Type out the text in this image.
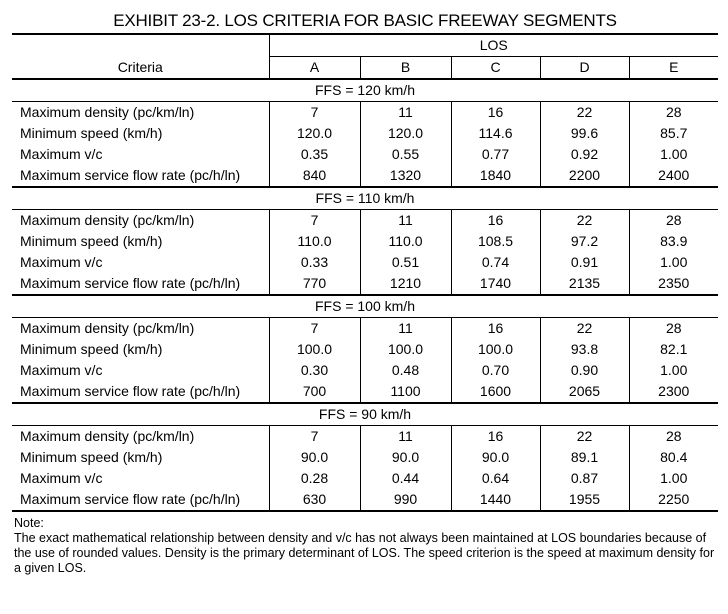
EXHIBIT 23-2. LOS CRITERIA FOR BASIC FREEWAY SEGMENTS
Criteria	LOS				
	A	B	C	D	E
FFS = 120 km/h					
Maximum density (pc/km/ln)	7	11	16	22	28
Minimum speed (km/h)	120.0	120.0	114.6	99.6	85.7
Maximum v/c	0.35	0.55	0.77	0.92	1.00
Maximum service flow rate (pc/h/ln)	840	1320	1840	2200	2400
FFS = 110 km/h					
Maximum density (pc/km/ln)	7	11	16	22	28
Minimum speed (km/h)	110.0	110.0	108.5	97.2	83.9
Maximum v/c	0.33	0.51	0.74	0.91	1.00
Maximum service flow rate (pc/h/ln)	770	1210	1740	2135	2350
FFS = 100 km/h					
Maximum density (pc/km/ln)	7	11	16	22	28
Minimum speed (km/h)	100.0	100.0	100.0	93.8	82.1
Maximum v/c	0.30	0.48	0.70	0.90	1.00
Maximum service flow rate (pc/h/ln)	700	1100	1600	2065	2300
FFS = 90 km/h					
Maximum density (pc/km/ln)	7	11	16	22	28
Minimum speed (km/h)	90.0	90.0	90.0	89.1	80.4
Maximum v/c	0.28	0.44	0.64	0.87	1.00
Maximum service flow rate (pc/h/ln)	630	990	1440	1955	2250
Note:
The exact mathematical relationship between density and v/c has not always been maintained at LOS boundaries because of the use of rounded values. Density is the primary determinant of LOS. The speed criterion is the speed at maximum density for a given LOS.
